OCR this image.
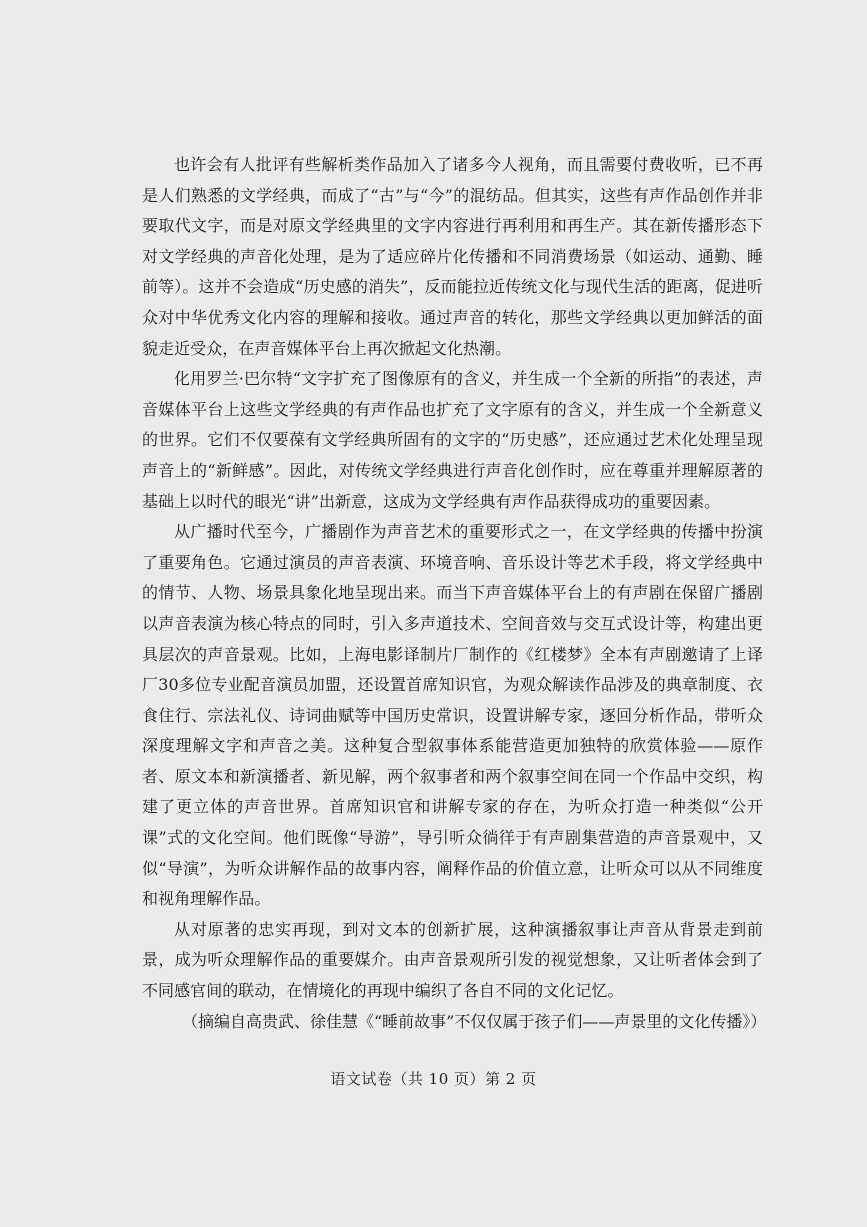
也许会有人批评有些解析类作品加入了诸多今人视角，而且需要付费收听，已不再是人们熟悉的文学经典，而成了“古”与“今”的混纺品。但其实，这些有声作品创作并非要取代文字，而是对原文学经典里的文字内容进行再利用和再生产。其在新传播形态下对文学经典的声音化处理，是为了适应碎片化传播和不同消费场景（如运动、通勤、睡前等）。这并不会造成“历史感的消失”，反而能拉近传统文化与现代生活的距离，促进听众对中华优秀文化内容的理解和接收。通过声音的转化，那些文学经典以更加鲜活的面貌走近受众，在声音媒体平台上再次掀起文化热潮。

化用罗兰·巴尔特“文字扩充了图像原有的含义，并生成一个全新的所指”的表述，声音媒体平台上这些文学经典的有声作品也扩充了文字原有的含义，并生成一个全新意义的世界。它们不仅要葆有文学经典所固有的文字的“历史感”，还应通过艺术化处理呈现声音上的“新鲜感”。因此，对传统文学经典进行声音化创作时，应在尊重并理解原著的基础上以时代的眼光“讲”出新意，这成为文学经典有声作品获得成功的重要因素。

从广播时代至今，广播剧作为声音艺术的重要形式之一，在文学经典的传播中扮演了重要角色。它通过演员的声音表演、环境音响、音乐设计等艺术手段，将文学经典中的情节、人物、场景具象化地呈现出来。而当下声音媒体平台上的有声剧在保留广播剧以声音表演为核心特点的同时，引入多声道技术、空间音效与交互式设计等，构建出更具层次的声音景观。比如，上海电影译制片厂制作的《红楼梦》全本有声剧邀请了上译厂30多位专业配音演员加盟，还设置首席知识官，为观众解读作品涉及的典章制度、衣食住行、宗法礼仪、诗词曲赋等中国历史常识，设置讲解专家，逐回分析作品，带听众深度理解文字和声音之美。这种复合型叙事体系能营造更加独特的欣赏体验——原作者、原文本和新演播者、新见解，两个叙事者和两个叙事空间在同一个作品中交织，构建了更立体的声音世界。首席知识官和讲解专家的存在，为听众打造一种类似“公开课”式的文化空间。他们既像“导游”，导引听众徜徉于有声剧集营造的声音景观中，又似“导演”，为听众讲解作品的故事内容，阐释作品的价值立意，让听众可以从不同维度和视角理解作品。

从对原著的忠实再现，到对文本的创新扩展，这种演播叙事让声音从背景走到前景，成为听众理解作品的重要媒介。由声音景观所引发的视觉想象，又让听者体会到了不同感官间的联动，在情境化的再现中编织了各自不同的文化记忆。

（摘编自高贵武、徐佳慧《“睡前故事”不仅仅属于孩子们——声景里的文化传播》）

语文试卷（共 10 页）第 2 页
